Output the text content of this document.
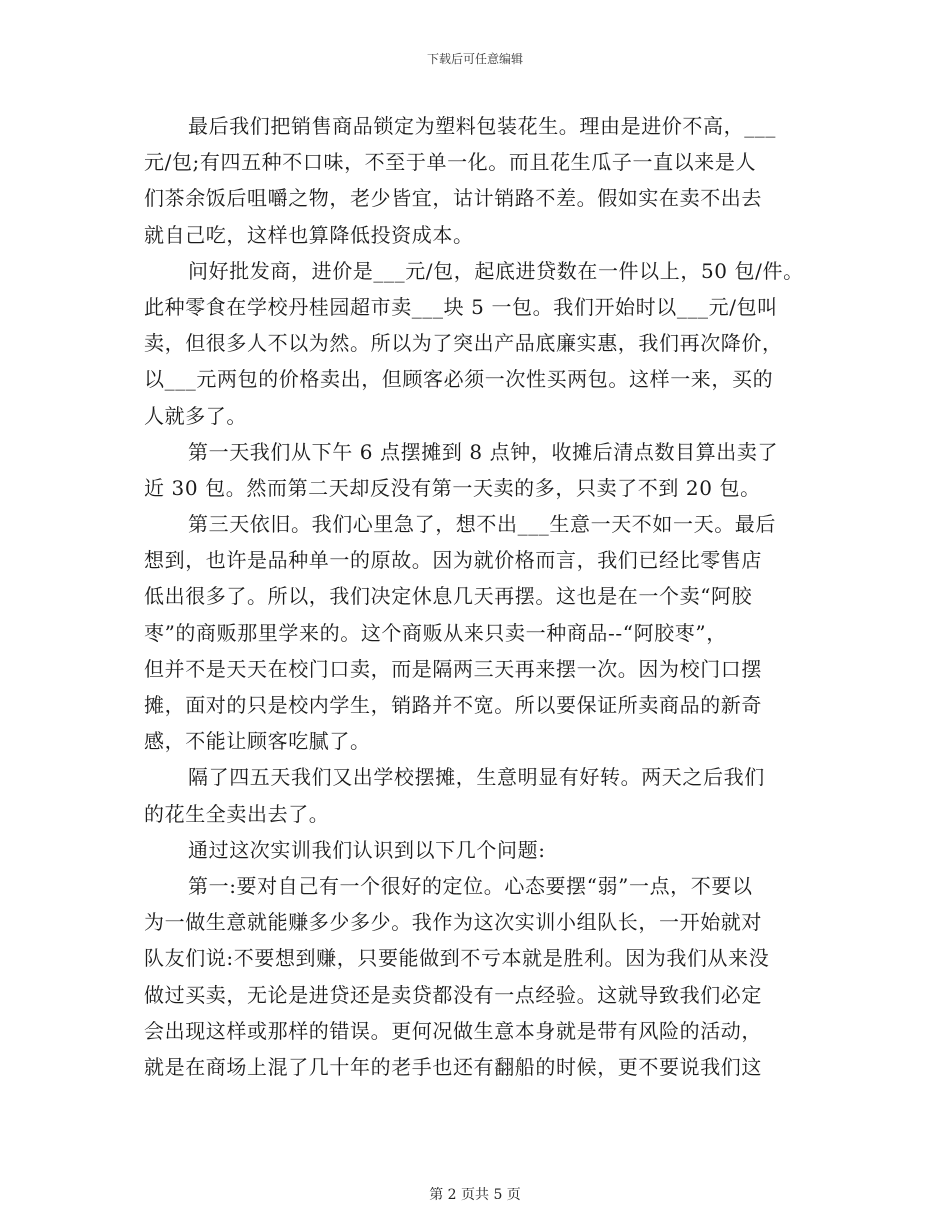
下载后可任意编辑
最后我们把销售商品锁定为塑料包装花生。理由是进价不高，___
元/包;有四五种不口味，不至于单一化。而且花生瓜子一直以来是人
们茶余饭后咀嚼之物，老少皆宜，诂计销路不差。假如实在卖不出去
就自己吃，这样也算降低投资成本。
问好批发商，进价是___元/包，起底进贷数在一件以上，50 包/件。
此种零食在学校丹桂园超市卖___块 5 一包。我们开始时以___元/包叫
卖，但很多人不以为然。所以为了突出产品底廉实惠，我们再次降价，
以___元两包的价格卖出，但顾客必须一次性买两包。这样一来，买的
人就多了。
第一天我们从下午 6 点摆摊到 8 点钟，收摊后清点数目算出卖了
近 30 包。然而第二天却反没有第一天卖的多，只卖了不到 20 包。
第三天依旧。我们心里急了，想不出___生意一天不如一天。最后
想到，也许是品种单一的原故。因为就价格而言，我们已经比零售店
低出很多了。所以，我们决定休息几天再摆。这也是在一个卖“阿胶
枣”的商贩那里学来的。这个商贩从来只卖一种商品--“阿胶枣”，
但并不是天天在校门口卖，而是隔两三天再来摆一次。因为校门口摆
摊，面对的只是校内学生，销路并不宽。所以要保证所卖商品的新奇
感，不能让顾客吃腻了。
隔了四五天我们又出学校摆摊，生意明显有好转。两天之后我们
的花生全卖出去了。
通过这次实训我们认识到以下几个问题:
第一:要对自己有一个很好的定位。心态要摆“弱”一点，不要以
为一做生意就能赚多少多少。我作为这次实训小组队长，一开始就对
队友们说:不要想到赚，只要能做到不亏本就是胜利。因为我们从来没
做过买卖，无论是进贷还是卖贷都没有一点经验。这就导致我们必定
会出现这样或那样的错误。更何况做生意本身就是带有风险的活动，
就是在商场上混了几十年的老手也还有翻船的时候，更不要说我们这
第 2 页共 5 页
